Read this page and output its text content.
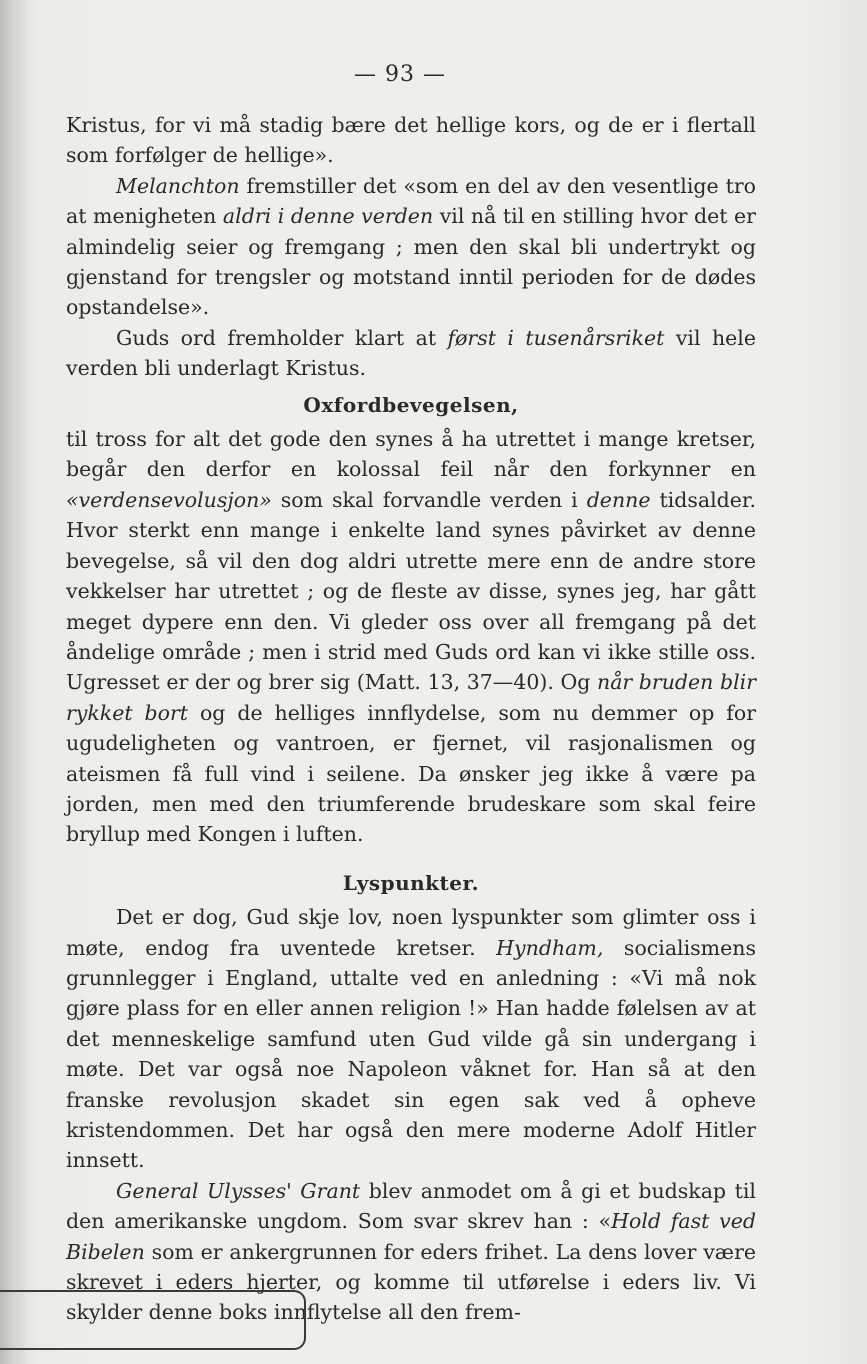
— 93 —

Kristus, for vi må stadig bære det hellige kors, og de er i flertall som forfølger de hellige».

Melanchton fremstiller det «som en del av den vesentlige tro at menigheten aldri i denne verden vil nå til en stilling hvor det er almindelig seier og fremgang ; men den skal bli undertrykt og gjenstand for trengsler og motstand inntil perioden for de dødes opstandelse».

Guds ord fremholder klart at først i tusenårsriket vil hele verden bli underlagt Kristus.

Oxfordbevegelsen,

til tross for alt det gode den synes å ha utrettet i mange kretser, begår den derfor en kolossal feil når den forkynner en «verdensevolusjon» som skal forvandle verden i denne tidsalder. Hvor sterkt enn mange i enkelte land synes påvirket av denne bevegelse, så vil den dog aldri utrette mere enn de andre store vekkelser har utrettet ; og de fleste av disse, synes jeg, har gått meget dypere enn den. Vi gleder oss over all fremgang på det åndelige område ; men i strid med Guds ord kan vi ikke stille oss. Ugresset er der og brer sig (Matt. 13, 37—40). Og når bruden blir rykket bort og de helliges innflydelse, som nu demmer op for ugudeligheten og vantroen, er fjernet, vil rasjonalismen og ateismen få full vind i seilene. Da ønsker jeg ikke å være pa jorden, men med den triumferende brudeskare som skal feire bryllup med Kongen i luften.

Lyspunkter.

Det er dog, Gud skje lov, noen lyspunkter som glimter oss i møte, endog fra uventede kretser. Hyndham, socialismens grunnlegger i England, uttalte ved en anledning : «Vi må nok gjøre plass for en eller annen religion !» Han hadde følelsen av at det menneskelige samfund uten Gud vilde gå sin undergang i møte. Det var også noe Napoleon våknet for. Han så at den franske revolusjon skadet sin egen sak ved å opheve kristendommen. Det har også den mere moderne Adolf Hitler innsett.

General Ulysses' Grant blev anmodet om å gi et budskap til den amerikanske ungdom. Som svar skrev han : «Hold fast ved Bibelen som er ankergrunnen for eders frihet. La dens lover være skrevet i eders hjerter, og komme til utførelse i eders liv. Vi skylder denne boks innflytelse all den frem-
